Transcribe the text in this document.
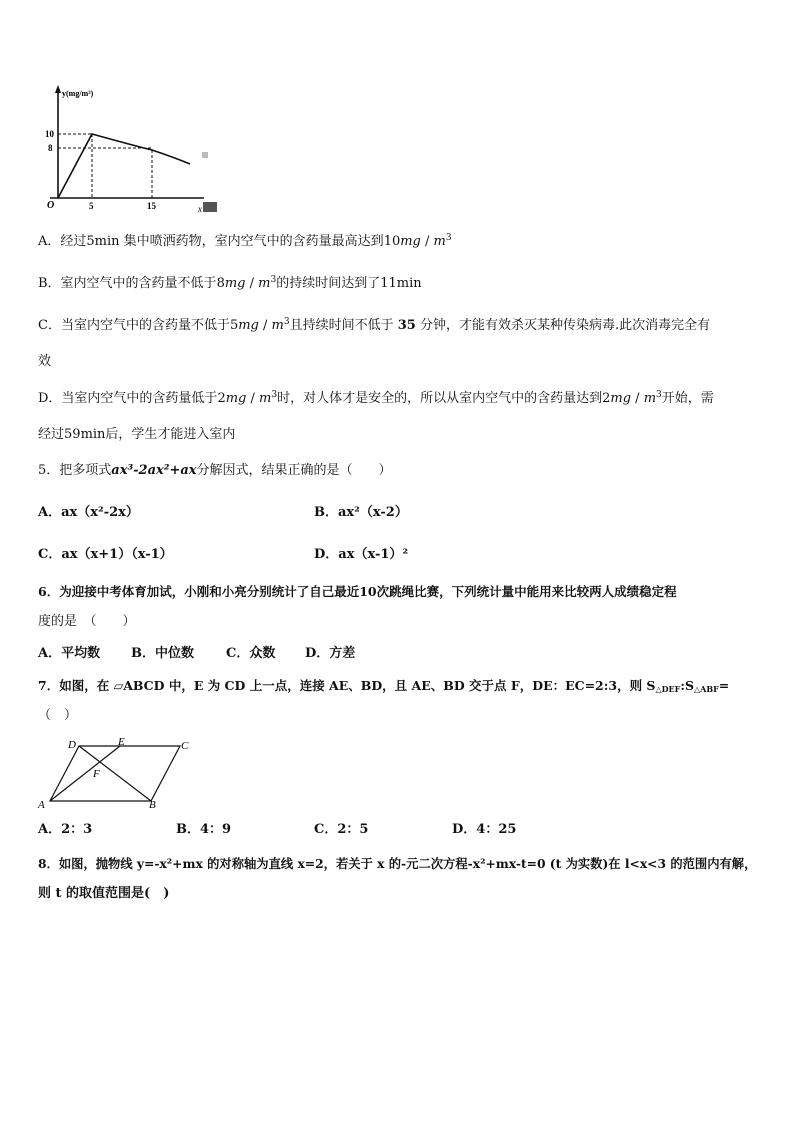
y(mg/m³)
10
8
O	5	15	x
A．经过5min 集中喷洒药物，室内空气中的含药量最高达到$10mg / m^3$
B．室内空气中的含药量不低于$8mg / m^3$的持续时间达到了11min
C．当室内空气中的含药量不低于$5mg / m^3$且持续时间不低于 35 分钟，才能有效杀灭某种传染病毒.此次消毒完全有
效
D．当室内空气中的含药量低于$2mg / m^3$时，对人体才是安全的，所以从室内空气中的含药量达到$2mg / m^3$开始，需
经过59min后，学生才能进入室内
5．把多项式ax³-2ax²+ax分解因式，结果正确的是（　　）
A．ax（x²-2x）	B．ax²（x-2）
C．ax（x+1）（x-1）	D．ax（x-1）²
6．为迎接中考体育加试，小刚和小亮分别统计了自己最近10次跳绳比赛，下列统计量中能用来比较两人成绩稳定程
度的是　（　　）
A．平均数 B．中位数 C．众数 D．方差
7．如图，在 ▱ABCD 中，E 为 CD 上一点，连接 AE、BD，且 AE、BD 交于点 F，DE：EC=2:3，则 $S_{\triangle DEF}:S_{\triangle ABF}=$
（　）
D	E	C
F
A	B
A．2：3	B．4：9	C．2：5	D．4：25
8．如图，抛物线 y=-x²+mx 的对称轴为直线 x=2，若关于 x 的-元二次方程-x²+mx-t=0 (t 为实数)在 l<x<3 的范围内有解，
则 t 的取值范围是(　)
